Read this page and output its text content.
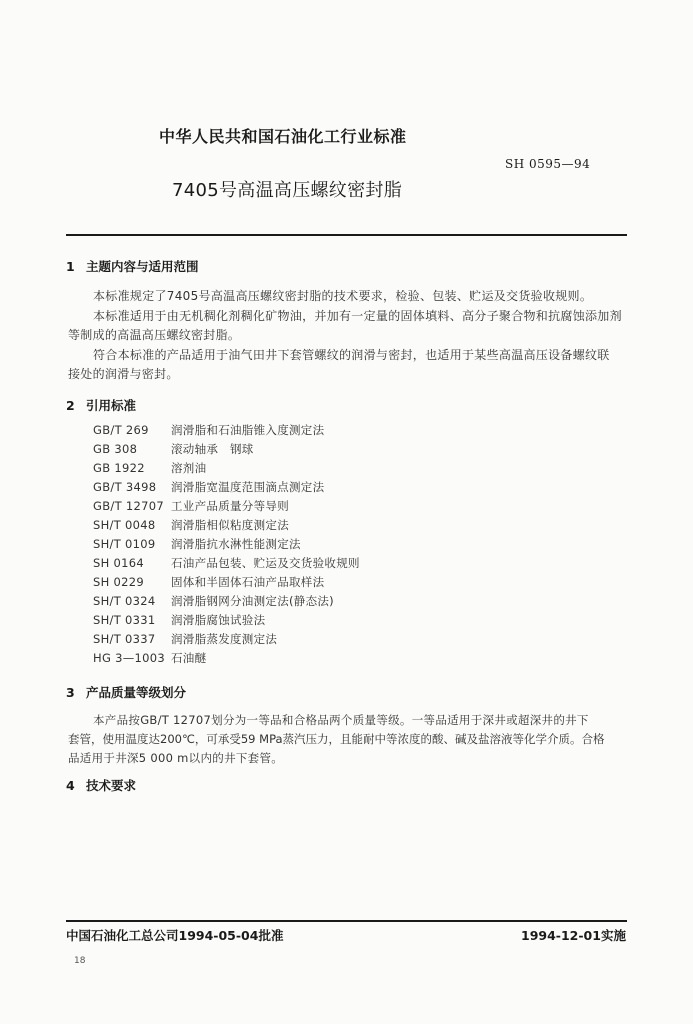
中华人民共和国石油化工行业标准
SH 0595—94
7405号高温高压螺纹密封脂
1 主题内容与适用范围
本标准规定了7405号高温高压螺纹密封脂的技术要求，检验、包装、贮运及交货验收规则。
本标准适用于由无机稠化剂稠化矿物油，并加有一定量的固体填料、高分子聚合物和抗腐蚀添加剂
等制成的高温高压螺纹密封脂。
符合本标准的产品适用于油气田井下套管螺纹的润滑与密封，也适用于某些高温高压设备螺纹联
接处的润滑与密封。
2 引用标准
GB/T 269 润滑脂和石油脂锥入度测定法
GB 308	滚动轴承　钢球
GB 1922 溶剂油
GB/T 3498 润滑脂宽温度范围滴点测定法
GB/T 12707 工业产品质量分等导则
SH/T 0048 润滑脂相似粘度测定法
SH/T 0109 润滑脂抗水淋性能测定法
SH 0164 石油产品包装、贮运及交货验收规则
SH 0229 固体和半固体石油产品取样法
SH/T 0324 润滑脂钢网分油测定法(静态法)
SH/T 0331 润滑脂腐蚀试验法
SH/T 0337 润滑脂蒸发度测定法
HG 3—1003 石油醚
3 产品质量等级划分
本产品按GB/T 12707划分为一等品和合格品两个质量等级。一等品适用于深井或超深井的井下
套管，使用温度达200℃，可承受59 MPa蒸汽压力，且能耐中等浓度的酸、碱及盐溶液等化学介质。合格
品适用于井深5 000 m以内的井下套管。
4 技术要求
中国石油化工总公司1994-05-04批准	1994-12-01实施
18
